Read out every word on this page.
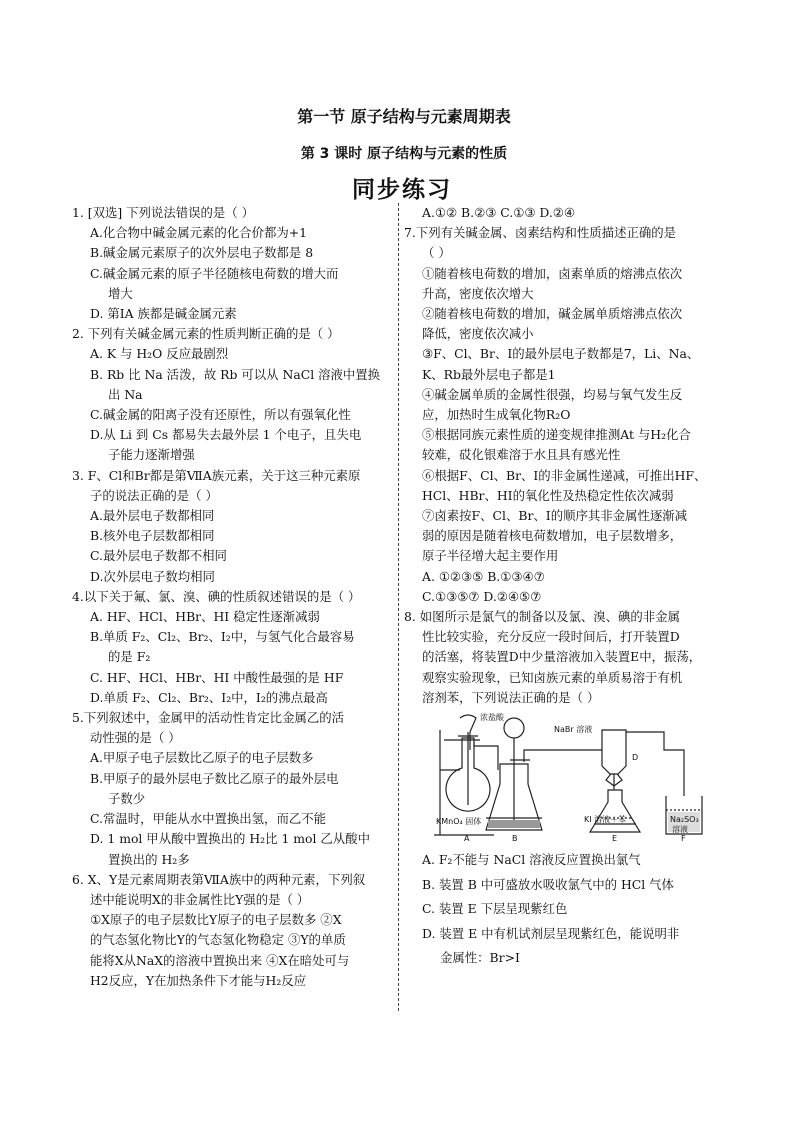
第一节 原子结构与元素周期表
第 3 课时 原子结构与元素的性质
同步练习
1. [双选] 下列说法错误的是（ ）
A.化合物中碱金属元素的化合价都为+1
B.碱金属元素原子的次外层电子数都是 8
C.碱金属元素的原子半径随核电荷数的增大而
增大
D. 第ⅠA 族都是碱金属元素
2. 下列有关碱金属元素的性质判断正确的是（ ）
A. K 与 H₂O 反应最剧烈
B. Rb 比 Na 活泼，故 Rb 可以从 NaCl 溶液中置换
出 Na
C.碱金属的阳离子没有还原性，所以有强氧化性
D.从 Li 到 Cs 都易失去最外层 1 个电子，且失电
子能力逐渐增强
3. F、Cl和Br都是第ⅦA族元素，关于这三种元素原
子的说法正确的是（ ）
A.最外层电子数都相同
B.核外电子层数都相同
C.最外层电子数都不相同
D.次外层电子数均相同
4.以下关于氟、氯、溴、碘的性质叙述错误的是（ ）
A. HF、HCl、HBr、HI 稳定性逐渐减弱
B.单质 F₂、Cl₂、Br₂、I₂中，与氢气化合最容易
的是 F₂
C. HF、HCl、HBr、HI 中酸性最强的是 HF
D.单质 F₂、Cl₂、Br₂、I₂中，I₂的沸点最高
5.下列叙述中，金属甲的活动性肯定比金属乙的活
动性强的是（ ）
A.甲原子电子层数比乙原子的电子层数多
B.甲原子的最外层电子数比乙原子的最外层电
子数少
C.常温时，甲能从水中置换出氢，而乙不能
D. 1 mol 甲从酸中置换出的 H₂比 1 mol 乙从酸中
置换出的 H₂多
6. X、Y是元素周期表第ⅦA族中的两种元素，下列叙
述中能说明X的非金属性比Y强的是（ ）
①X原子的电子层数比Y原子的电子层数多 ②X
的气态氢化物比Y的气态氢化物稳定 ③Y的单质
能将X从NaX的溶液中置换出来 ④X在暗处可与
H2反应，Y在加热条件下才能与H₂反应
A.①② B.②③ C.①③ D.②④
7.下列有关碱金属、卤素结构和性质描述正确的是
（ ）
①随着核电荷数的增加，卤素单质的熔沸点依次
升高，密度依次增大
②随着核电荷数的增加，碱金属单质熔沸点依次
降低，密度依次减小
③F、Cl、Br、I的最外层电子数都是7，Li、Na、
K、Rb最外层电子都是1
④碱金属单质的金属性很强，均易与氧气发生反
应，加热时生成氧化物R₂O
⑤根据同族元素性质的递变规律推测At 与H₂化合
较难，砹化银难溶于水且具有感光性
⑥根据F、Cl、Br、I的非金属性递减，可推出HF、
HCl、HBr、HI的氧化性及热稳定性依次减弱
⑦卤素按F、Cl、Br、I的顺序其非金属性逐渐减
弱的原因是随着核电荷数增加，电子层数增多，
原子半径增大起主要作用
A. ①②③⑤ B.①③④⑦
C.①③⑤⑦ D.②④⑤⑦
8. 如图所示是氯气的制备以及氯、溴、碘的非金属
性比较实验，充分反应一段时间后，打开装置D
的活塞，将装置D中少量溶液加入装置E中，振荡，
观察实验现象，已知卤族元素的单质易溶于有机
溶剂苯，下列说法正确的是（ ）
浓盐酸
NaBr 溶液
D
KMnO₄ 固体	KI 溶液＋苯	Na₂SO₃
溶液
A	B	E	F
A. F₂不能与 NaCl 溶液反应置换出氯气
B. 装置 B 中可盛放水吸收氯气中的 HCl 气体
C. 装置 E 下层呈现紫红色
D. 装置 E 中有机试剂层呈现紫红色，能说明非
金属性：Br>I
